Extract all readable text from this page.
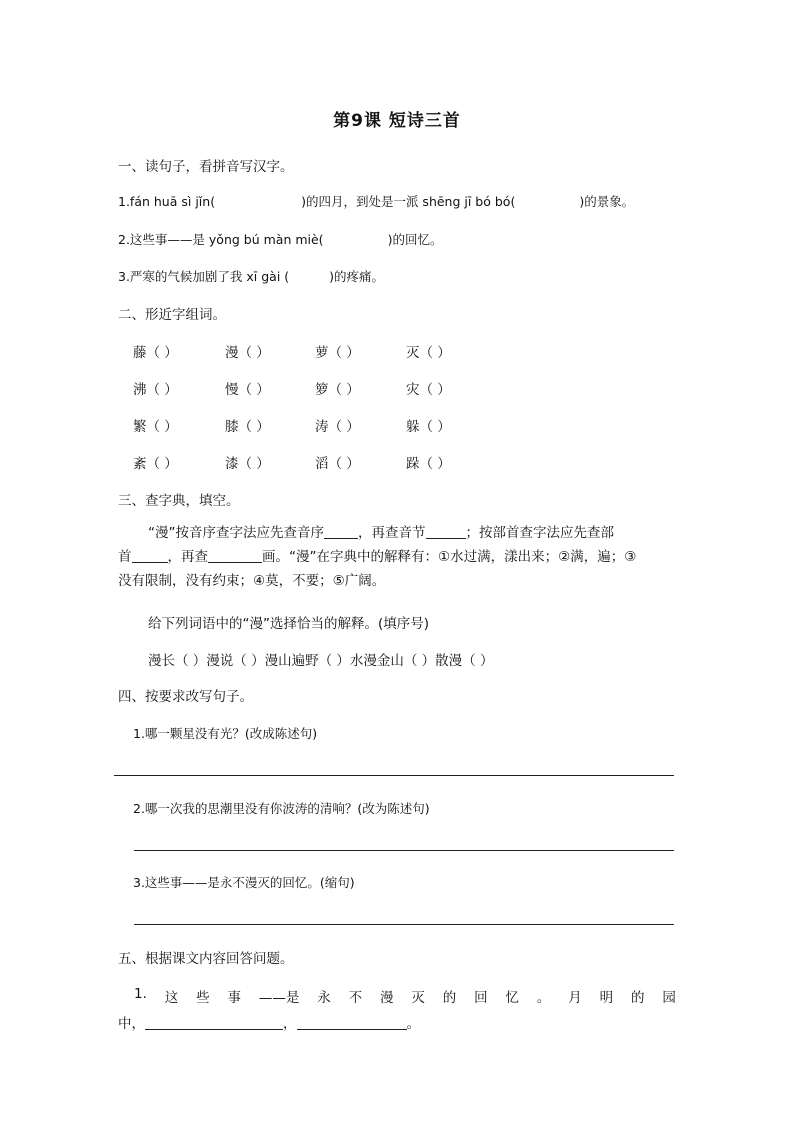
第9课 短诗三首
一、读句子，看拼音写汉字。
1.fán huā sì jǐn(	)的四月，到处是一派 shēng jī bó bó(	)的景象。
2.这些事——是 yǒng bú màn miè(	)的回忆。
3.严寒的气候加剧了我 xī gài (	)的疼痛。
二、形近字组词。
藤（ ）	漫（ ）	萝（ ）	灭（ ）
沸（ ）	慢（ ）	箩（ ）	灾（ ）
繁（ ）	膝（ ）	涛（ ）	躲（ ）
紊（ ）	漆（ ）	滔（ ）	跺（ ）
三、查字典，填空。
“漫”按音序查字法应先查音序	，再查音节	；按部首查字法应先查部
首	，再查	画。“漫”在字典中的解释有：①水过满，漾出来；②满，遍；③
没有限制，没有约束；④莫，不要；⑤广阔。
给下列词语中的“漫”选择恰当的解释。(填序号)
漫长（ ）漫说（ ）漫山遍野（ ）水漫金山（ ）散漫（ ）
四、按要求改写句子。
1.哪一颗星没有光？(改成陈述句)
2.哪一次我的思潮里没有你波涛的清响？(改为陈述句)
3.这些事——是永不漫灭的回忆。(缩句)
五、根据课文内容回答问题。
1. 这 些 事 ——是 永 不 漫 灭 的 回 忆 。 月 明 的 园
中，	，	。
